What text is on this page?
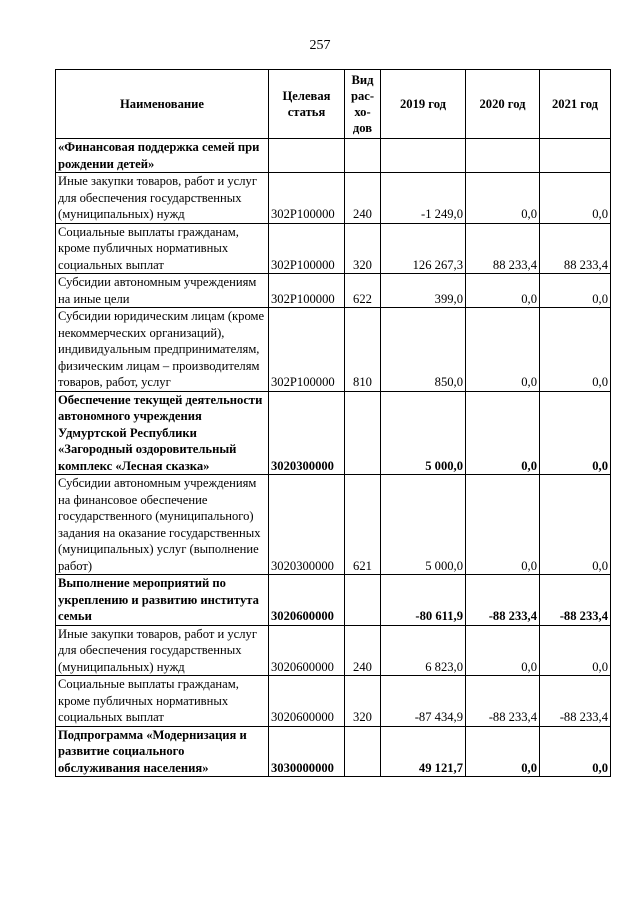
257
Наименование	Целевая статья	Вид рас-хо-дов	2019 год	2020 год	2021 год
«Финансовая поддержка семей при рождении детей»					
Иные закупки товаров, работ и услуг для обеспечения государственных (муниципальных) нужд	302P100000	240	-1 249,0	0,0	0,0
Социальные выплаты гражданам, кроме публичных нормативных социальных выплат	302P100000	320	126 267,3	88 233,4	88 233,4
Субсидии автономным учреждениям на иные цели	302P100000	622	399,0	0,0	0,0
Субсидии юридическим лицам (кроме некоммерческих организаций), индивидуальным предпринимателям, физическим лицам – производителям товаров, работ, услуг	302P100000	810	850,0	0,0	0,0
Обеспечение текущей деятельности автономного учреждения Удмуртской Республики «Загородный оздоровительный комплекс «Лесная сказка»	3020300000		5 000,0	0,0	0,0
Субсидии автономным учреждениям на финансовое обеспечение государственного (муниципального) задания на оказание государственных (муниципальных) услуг (выполнение работ)	3020300000	621	5 000,0	0,0	0,0
Выполнение мероприятий по укреплению и развитию института семьи	3020600000		-80 611,9	-88 233,4	-88 233,4
Иные закупки товаров, работ и услуг для обеспечения государственных (муниципальных) нужд	3020600000	240	6 823,0	0,0	0,0
Социальные выплаты гражданам, кроме публичных нормативных социальных выплат	3020600000	320	-87 434,9	-88 233,4	-88 233,4
Подпрограмма «Модернизация и развитие социального обслуживания населения»	3030000000		49 121,7	0,0	0,0
